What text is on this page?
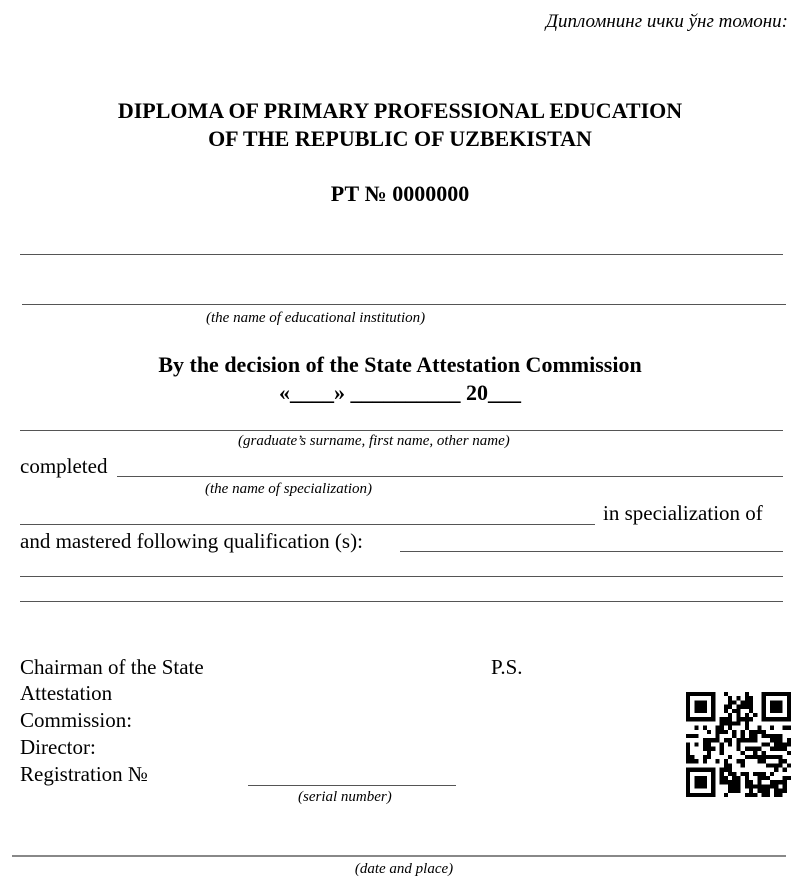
Дипломнинг ички ўнг томони:
DIPLOMA OF PRIMARY PROFESSIONAL EDUCATION
OF THE REPUBLIC OF UZBEKISTAN
РТ № 0000000
(the name of educational institution)
By the decision of the State Attestation Commission
«____» __________ 20___
(graduate’s surname, first name, other name)
completed
(the name of specialization)
in specialization of
and mastered following qualification (s):
Chairman of the State
Attestation
Commission:
Director:
Registration №
P.S.
(serial number)
(date and place)
